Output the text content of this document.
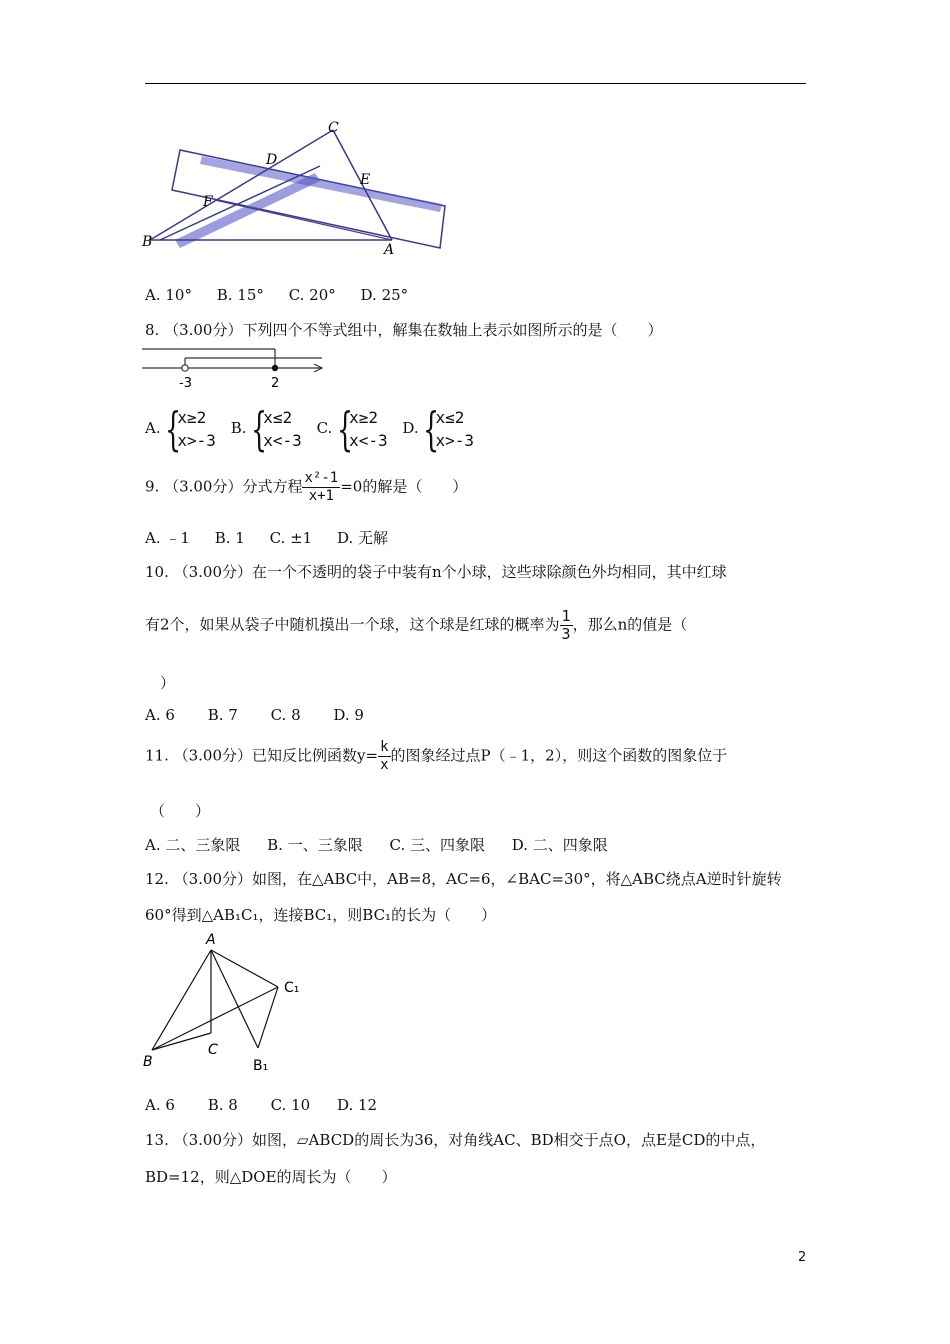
C
D
E
F
B	A
A. 10° B. 15° C. 20° D. 25°
8. （3.00分）下列四个不等式组中，解集在数轴上表示如图所示的是（　　）
-3	2
A. {
x≥2
x>-3
B. {
x≤2
x<-3
C. {
x≥2
x<-3
D. {
x≤2
x>-3
9. （3.00分）分式方程 $\frac{\text{x²-1}}{x+1} =0$的解是（　　）
A. ﹣1 B. 1 C. ±1 D. 无解
10. （3.00分）在一个不透明的袋子中装有n个小球，这些球除颜色外均相同，其中红球
有2个，如果从袋子中随机摸出一个球，这个球是红球的概率为 $\frac{1}{3}$ ，那么n的值是（
）
A. 6 B. 7 C. 8 D. 9
11. （3.00分）已知反比例函数$y= \frac{k}{x}$ 的图象经过点P（﹣1，2），则这个函数的图象位于
（　　）
A. 二、三象限 B. 一、三象限 C. 三、四象限 D. 二、四象限
12. （3.00分）如图，在△ABC中，AB=8，AC=6，∠BAC=30°，将△ABC绕点A逆时针旋转
60°得到△AB₁C₁，连接BC₁，则BC₁的长为（　　）
A
B
C
C₁
B₁
A. 6 B. 8 C. 10 D. 12
13. （3.00分）如图，▱ABCD的周长为36，对角线AC、BD相交于点O，点E是CD的中点，
BD=12，则△DOE的周长为（　　）
2
